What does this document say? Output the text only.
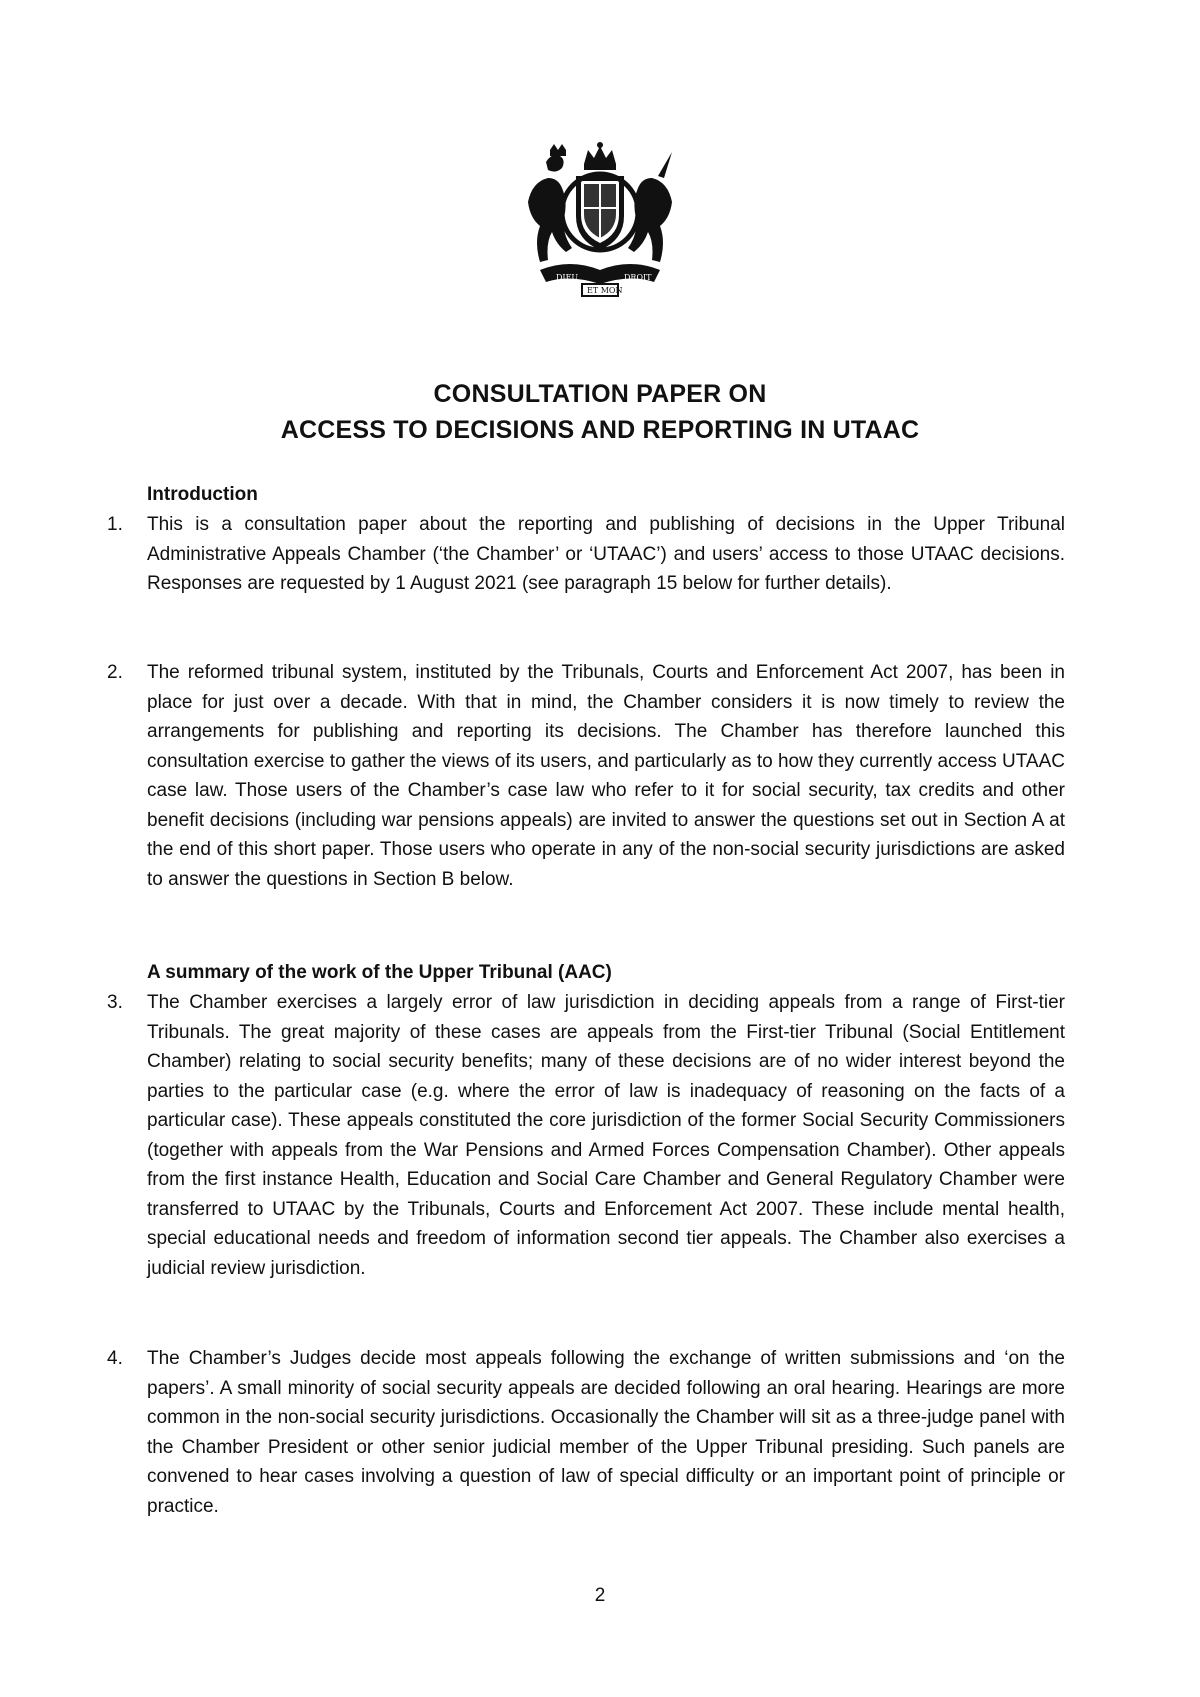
DIEU	DROIT
ET MON
CONSULTATION PAPER ON
ACCESS TO DECISIONS AND REPORTING IN UTAAC
Introduction
1. This is a consultation paper about the reporting and publishing of decisions in the Upper Tribunal Administrative Appeals Chamber (‘the Chamber’ or ‘UTAAC’) and users’ access to those UTAAC decisions. Responses are requested by 1 August 2021 (see paragraph 15 below for further details).
2. The reformed tribunal system, instituted by the Tribunals, Courts and Enforcement Act 2007, has been in place for just over a decade. With that in mind, the Chamber considers it is now timely to review the arrangements for publishing and reporting its decisions. The Chamber has therefore launched this consultation exercise to gather the views of its users, and particularly as to how they currently access UTAAC case law. Those users of the Chamber’s case law who refer to it for social security, tax credits and other benefit decisions (including war pensions appeals) are invited to answer the questions set out in Section A at the end of this short paper. Those users who operate in any of the non-social security jurisdictions are asked to answer the questions in Section B below.
A summary of the work of the Upper Tribunal (AAC)
3. The Chamber exercises a largely error of law jurisdiction in deciding appeals from a range of First-tier Tribunals. The great majority of these cases are appeals from the First-tier Tribunal (Social Entitlement Chamber) relating to social security benefits; many of these decisions are of no wider interest beyond the parties to the particular case (e.g. where the error of law is inadequacy of reasoning on the facts of a particular case). These appeals constituted the core jurisdiction of the former Social Security Commissioners (together with appeals from the War Pensions and Armed Forces Compensation Chamber). Other appeals from the first instance Health, Education and Social Care Chamber and General Regulatory Chamber were transferred to UTAAC by the Tribunals, Courts and Enforcement Act 2007. These include mental health, special educational needs and freedom of information second tier appeals. The Chamber also exercises a judicial review jurisdiction.
4. The Chamber’s Judges decide most appeals following the exchange of written submissions and ‘on the papers’. A small minority of social security appeals are decided following an oral hearing. Hearings are more common in the non-social security jurisdictions. Occasionally the Chamber will sit as a three-judge panel with the Chamber President or other senior judicial member of the Upper Tribunal presiding. Such panels are convened to hear cases involving a question of law of special difficulty or an important point of principle or practice.
2
